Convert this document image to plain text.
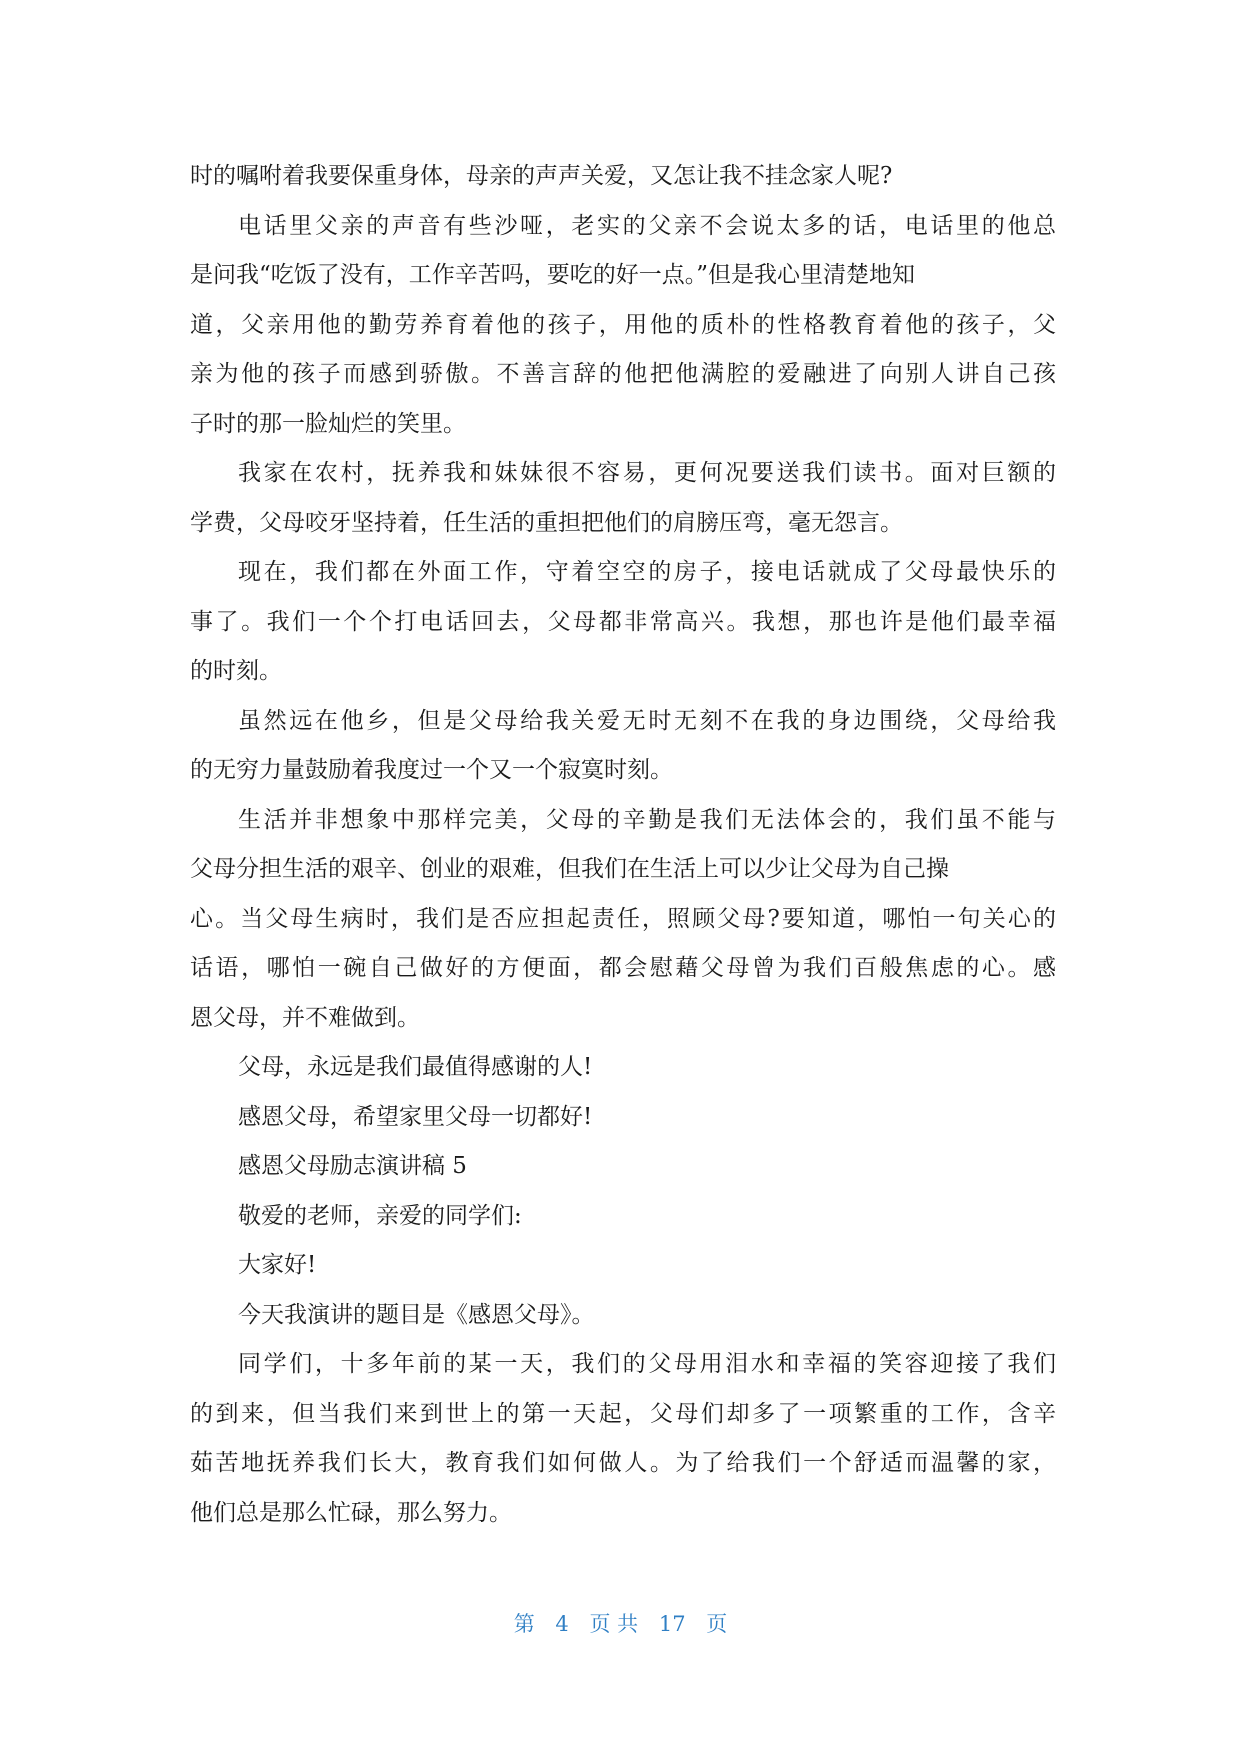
时的嘱咐着我要保重身体，母亲的声声关爱，又怎让我不挂念家人呢?
电话里父亲的声音有些沙哑，老实的父亲不会说太多的话，电话里的他总
是问我“吃饭了没有，工作辛苦吗，要吃的好一点。”但是我心里清楚地知
道，父亲用他的勤劳养育着他的孩子，用他的质朴的性格教育着他的孩子，父
亲为他的孩子而感到骄傲。不善言辞的他把他满腔的爱融进了向别人讲自己孩
子时的那一脸灿烂的笑里。
我家在农村，抚养我和妹妹很不容易，更何况要送我们读书。面对巨额的
学费，父母咬牙坚持着，任生活的重担把他们的肩膀压弯，毫无怨言。
现在，我们都在外面工作，守着空空的房子，接电话就成了父母最快乐的
事了。我们一个个打电话回去，父母都非常高兴。我想，那也许是他们最幸福
的时刻。
虽然远在他乡，但是父母给我关爱无时无刻不在我的身边围绕，父母给我
的无穷力量鼓励着我度过一个又一个寂寞时刻。
生活并非想象中那样完美，父母的辛勤是我们无法体会的，我们虽不能与
父母分担生活的艰辛、创业的艰难，但我们在生活上可以少让父母为自己操
心。当父母生病时，我们是否应担起责任，照顾父母?要知道，哪怕一句关心的
话语，哪怕一碗自己做好的方便面，都会慰藉父母曾为我们百般焦虑的心。感
恩父母，并不难做到。
父母，永远是我们最值得感谢的人!
感恩父母，希望家里父母一切都好!
感恩父母励志演讲稿 5
敬爱的老师，亲爱的同学们:
大家好!
今天我演讲的题目是《感恩父母》。
同学们，十多年前的某一天，我们的父母用泪水和幸福的笑容迎接了我们
的到来，但当我们来到世上的第一天起，父母们却多了一项繁重的工作，含辛
茹苦地抚养我们长大，教育我们如何做人。为了给我们一个舒适而温馨的家，
他们总是那么忙碌，那么努力。
第 4 页 共 17 页
